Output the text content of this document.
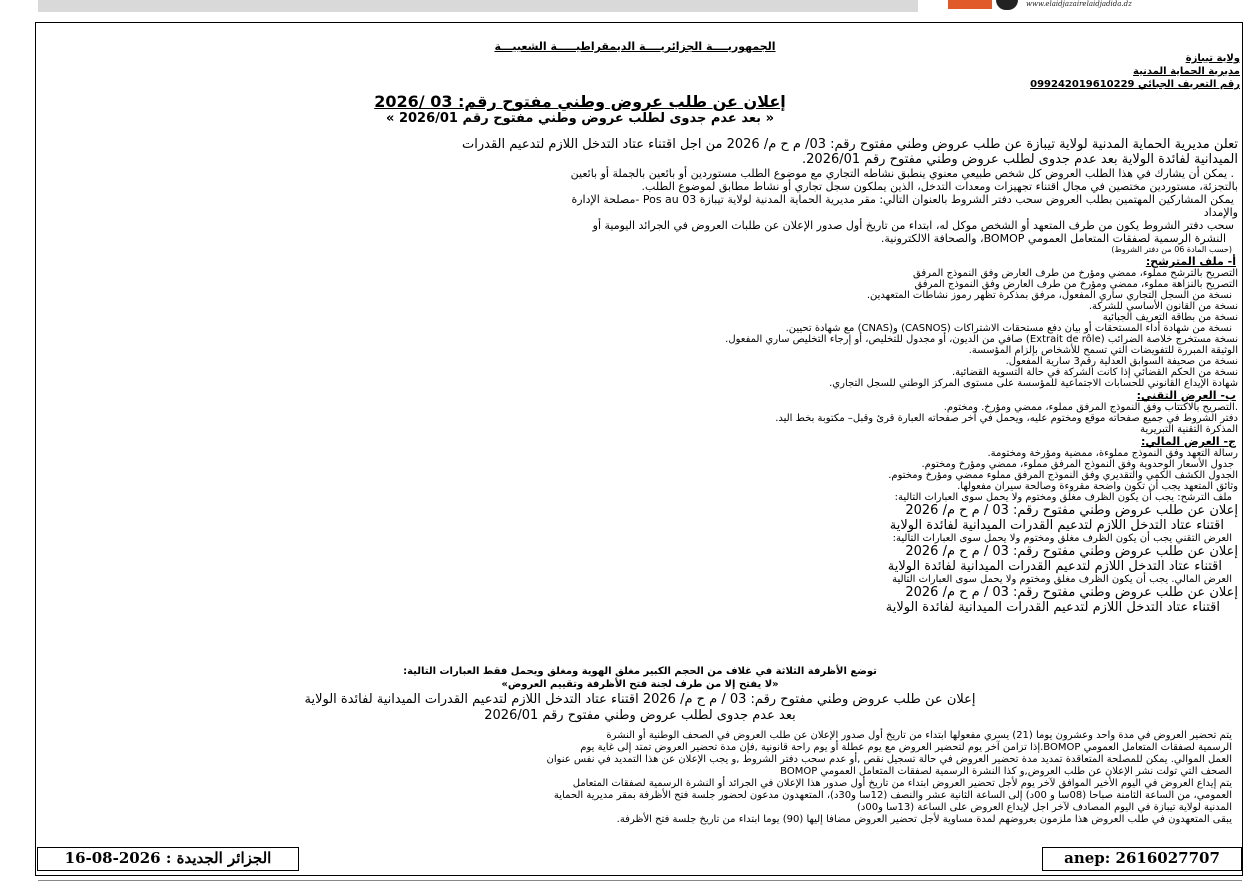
www.elaidjazairelaidjadida.dz
الجمهوريــــة الجزائريــــة الديمقراطيـــــة الشعبيـــة
ولاية تيبازة
مديرية الحماية المدنية
رقم التعريف الجبائي 099242019610229
إعلان عن طلب عروض وطني مفتوح رقم: 03 /2026
« بعد عدم جدوى لطلب عروض وطني مفتوح رقم 2026/01 »
تعلن مديرية الحماية المدنية لولاية تيبازة عن طلب عروض وطني مفتوح رقم: 03/ م ح م/ 2026 من اجل اقتناء عتاد التدخل اللازم لتدعيم القدرات
الميدانية لفائدة الولاية بعد عدم جدوى لطلب عروض وطني مفتوح رقم 2026/01.
. يمكن أن يشارك في هذا الطلب العروض كل شخص طبيعي معنوي ينطبق نشاطه التجاري مع موضوع الطلب مستوردين أو بائعين بالجملة أو بائعين
بالتجزئة، مستوردين مختصين في مجال اقتناء تجهيزات ومعدات التدخل، الذين يملكون سجل تجاري أو نشاط مطابق لموضوع الطلب.
يمكن المشاركين المهتمين بطلب العروض سحب دفتر الشروط بالعنوان التالي: مقر مديرية الحماية المدنية لولاية تيبازة Pos au 03 -مصلحة الإدارة
والإمداد
سحب دفتر الشروط يكون من طرف المتعهد أو الشخص موكل له، ابتداء من تاريخ أول صدور الإعلان عن طلبات العروض في الجرائد اليومية أو
النشرة الرسمية لصفقات المتعامل العمومي BOMOP، والصحافة الالكترونية.
(حسب المادة 06 من دفتر الشروط)
أ- ملف المترشح:
التصريح بالترشح مملوء، ممضي ومؤرخ من طرف العارض وفق النموذج المرفق
التصريح بالنزاهة مملوء، ممضي ومؤرخ من طرف العارض وفق النموذج المرفق
نسخة من السجل التجاري ساري المفعول، مرفق بمذكرة تظهر رموز نشاطات المتعهدين.
نسخة من القانون الأساسي للشركة.
نسخة من بطاقة التعريف الجبائية
نسخة من شهادة أداء المستحقات أو بيان دفع مستحقات الاشتراكات (CASNOS) و(CNAS) مع شهادة تحيين.
نسخة مستخرج خلاصة الضرائب (Extrait de rôle) صافي من الديون، أو مجدول للتخليص، أو إرجاء التخليص ساري المفعول.
الوثيقة المبررة للتفويضات التي تسمح للأشخاص بإلزام المؤسسة.
نسخة من صحيفة السوابق العدلية رقم3 سارية المفعول.
نسخة من الحكم القضائي إذا كانت الشركة في حالة التسوية القضائية.
شهادة الإيداع القانوني للحسابات الاجتماعية للمؤسسة على مستوى المركز الوطني للسجل التجاري.
ب- العرض التقني:
.التصريح بالاكتتاب وفق النموذج المرفق مملوء، ممضي ومؤرخ. ومختوم.
دفتر الشروط في جميع صفحاته موقع ومختوم عليه، ويحمل في آخر صفحاته العبارة قرئ وقبل– مكتوبة بخط اليد.
المذكرة التقنية التبريرية
ج- العرض المالي:
رسالة التعهد وفق النموذج مملوءة، ممضية ومؤرخة ومختومة.
جدول الأسعار الوحدوية وفق النموذج المرفق مملوء، ممضي ومؤرخ ومختوم.
الجدول الكشف الكمي والتقديري وفق النموذج المرفق مملوء ممضي ومؤرخ ومختوم.
وثائق المتعهد يجب أن تكون واضحة مقروءة وصالحة سيران مفعولها.
ملف الترشح: يجب أن يكون الظرف مغلق ومختوم ولا يحمل سوى العبارات التالية:
إعلان عن طلب عروض وطني مفتوح رقم: 03 / م ح م/ 2026
اقتناء عتاد التدخل اللازم لتدعيم القدرات الميدانية لفائدة الولاية
العرض التقني يجب أن يكون الظرف مغلق ومختوم ولا يحمل سوى العبارات التالية:
إعلان عن طلب عروض وطني مفتوح رقم: 03 / م ح م/ 2026
اقتناء عتاد التدخل اللازم لتدعيم القدرات الميدانية لفائدة الولاية
العرض المالي. يجب أن يكون الظرف مغلق ومختوم ولا يحمل سوى العبارات التالية
إعلان عن طلب عروض وطني مفتوح رقم: 03 / م ح م/ 2026
اقتناء عتاد التدخل اللازم لتدعيم القدرات الميدانية لفائدة الولاية
توضع الأظرفة الثلاثة في غلاف من الحجم الكبير مغلق الهوية ومغلق ويحمل فقط العبارات التالية:
«لا يفتح إلا من طرف لجنة فتح الأظرفة وتقييم العروض»
إعلان عن طلب عروض وطني مفتوح رقم: 03 / م ح م/ 2026 اقتناء عتاد التدخل اللازم لتدعيم القدرات الميدانية لفائدة الولاية
بعد عدم جدوى لطلب عروض وطني مفتوح رقم 2026/01
يتم تحضير العروض في مدة واحد وعشرون يوما (21) يسري مفعولها ابتداء من تاريخ أول صدور الإعلان عن طلب العروض في الصحف الوطنية أو النشرة
الرسمية لصفقات المتعامل العمومي BOMOP.إذا تزامن آخر يوم لتحضير العروض مع يوم عطلة أو يوم راحة قانونية ,فإن مدة تحضير العروض تمتد إلى غاية يوم
العمل الموالي. يمكن للمصلحة المتعاقدة تمديد مدة تحضير العروض في حالة تسجيل نقص ,أو عدم سحب دفتر الشروط ,و يجب الإعلان عن هذا التمديد في نفس عنوان
الصحف التي تولت نشر الإعلان عن طلب العروض,و كذا النشرة الرسمية لصفقات المتعامل العمومي BOMOP
يتم إيداع العروض في اليوم الأخير الموافق لآخر يوم لأجل تحضير العروض ابتداء من تاريخ أول صدور هذا الإعلان في الجرائد أو النشرة الرسمية لصفقات المتعامل
العمومي، من الساعة الثامنة صباحا (08سا و 00د) إلى الساعة الثانية عشر والنصف (12سا و30د)، المتعهدون مدعون لحضور جلسة فتح الأظرفة بمقر مديرية الحماية
المدنية لولاية تيبازة في اليوم المصادف لآخر اجل لإيداع العروض على الساعة (13سا و00د)
يبقى المتعهدون في طلب العروض هذا ملزمون بعروضهم لمدة مساوية لأجل تحضير العروض مضافا إليها (90) يوما ابتداء من تاريخ جلسة فتح الأظرفة.
الجزائر الجديدة : 2026-08-16	anep: 2616027707
